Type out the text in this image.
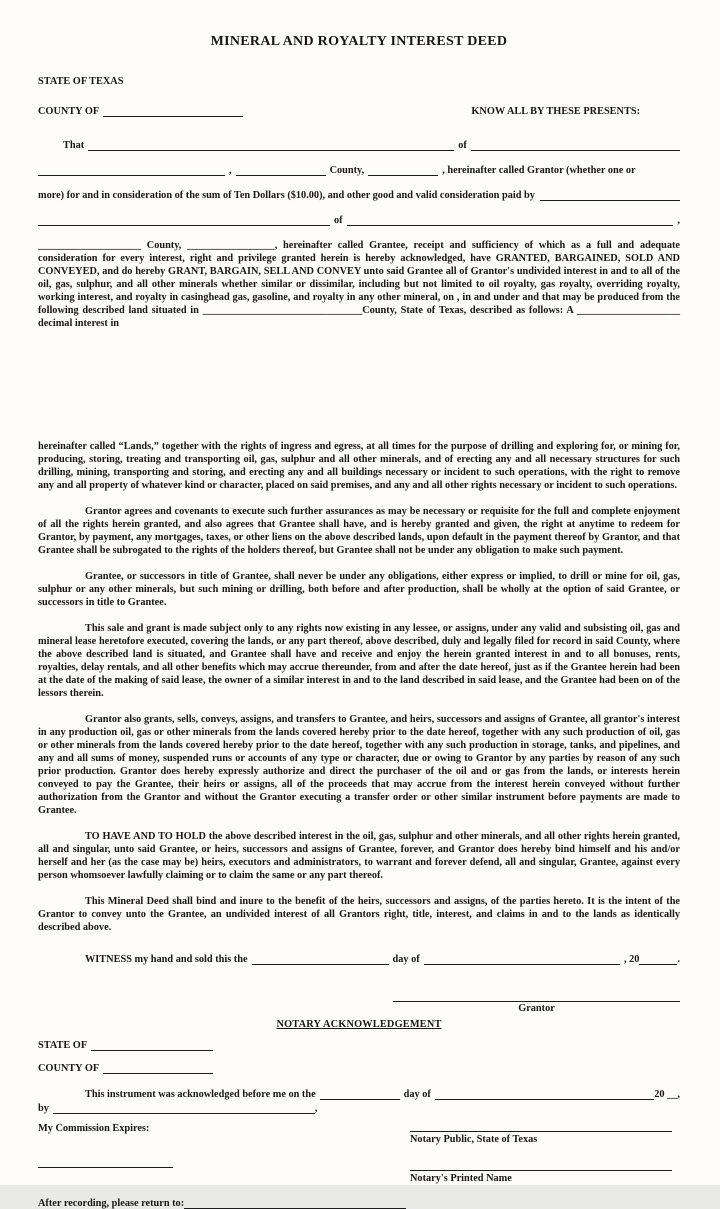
MINERAL AND ROYALTY INTEREST DEED
STATE OF TEXAS
COUNTY OF	KNOW ALL BY THESE PRESENTS:
That	of
,	County,	, hereinafter called Grantor (whether one or
more) for and in consideration of the sum of Ten Dollars ($10.00), and other good and valid consideration paid by
of	,
____________________ County, _________________, hereinafter called Grantee, receipt and sufficiency of which as a full and adequate consideration for every interest, right and privilege granted herein is hereby acknowledged, have GRANTED, BARGAINED, SOLD AND CONVEYED, and do hereby GRANT, BARGAIN, SELL AND CONVEY unto said Grantee all of Grantor's undivided interest in and to all of the oil, gas, sulphur, and all other minerals whether similar or dissimilar, including but not limited to oil royalty, gas royalty, overriding royalty, working interest, and royalty in casinghead gas, gasoline, and royalty in any other mineral, on , in and under and that may be produced from the following described land situated in _______________________________County, State of Texas, described as follows: A ____________________ decimal interest in
hereinafter called “Lands,” together with the rights of ingress and egress, at all times for the purpose of drilling and exploring for, or mining for, producing, storing, treating and transporting oil, gas, sulphur and all other minerals, and of erecting any and all necessary structures for such drilling, mining, transporting and storing, and erecting any and all buildings necessary or incident to such operations, with the right to remove any and all property of whatever kind or character, placed on said premises, and any and all other rights necessary or incident to such operations.
Grantor agrees and covenants to execute such further assurances as may be necessary or requisite for the full and complete enjoyment of all the rights herein granted, and also agrees that Grantee shall have, and is hereby granted and given, the right at anytime to redeem for Grantor, by payment, any mortgages, taxes, or other liens on the above described lands, upon default in the payment thereof by Grantor, and that Grantee shall be subrogated to the rights of the holders thereof, but Grantee shall not be under any obligation to make such payment.
Grantee, or successors in title of Grantee, shall never be under any obligations, either express or implied, to drill or mine for oil, gas, sulphur or any other minerals, but such mining or drilling, both before and after production, shall be wholly at the option of said Grantee, or successors in title to Grantee.
This sale and grant is made subject only to any rights now existing in any lessee, or assigns, under any valid and subsisting oil, gas and mineral lease heretofore executed, covering the lands, or any part thereof, above described, duly and legally filed for record in said County, where the above described land is situated, and Grantee shall have and receive and enjoy the herein granted interest in and to all bonuses, rents, royalties, delay rentals, and all other benefits which may accrue thereunder, from and after the date hereof, just as if the Grantee herein had been at the date of the making of said lease, the owner of a similar interest in and to the land described in said lease, and the Grantee had been on of the lessors therein.
Grantor also grants, sells, conveys, assigns, and transfers to Grantee, and heirs, successors and assigns of Grantee, all grantor's interest in any production oil, gas or other minerals from the lands covered hereby prior to the date hereof, together with any such production of oil, gas or other minerals from the lands covered hereby prior to the date hereof, together with any such production in storage, tanks, and pipelines, and any and all sums of money, suspended runs or accounts of any type or character, due or owing to Grantor by any parties by reason of any such prior production. Grantor does hereby expressly authorize and direct the purchaser of the oil and or gas from the lands, or interests herein conveyed to pay the Grantee, their heirs or assigns, all of the proceeds that may accrue from the interest herein conveyed without further authorization from the Grantor and without the Grantor executing a transfer order or other similar instrument before payments are made to Grantee.
TO HAVE AND TO HOLD the above described interest in the oil, gas, sulphur and other minerals, and all other rights herein granted, all and singular, unto said Grantee, or heirs, successors and assigns of Grantee, forever, and Grantor does hereby bind himself and his and/or herself and her (as the case may be) heirs, executors and administrators, to warrant and forever defend, all and singular, Grantee, against every person whomsoever lawfully claiming or to claim the same or any part thereof.
This Mineral Deed shall bind and inure to the benefit of the heirs, successors and assigns, of the parties hereto. It is the intent of the Grantor to convey unto the Grantee, an undivided interest of all Grantors right, title, interest, and claims in and to the lands as identically described above.
WITNESS my hand and sold this the	day of	, 20	.
Grantor
NOTARY ACKNOWLEDGEMENT
STATE OF
COUNTY OF
This instrument was acknowledged before me on the	day of	20 __,
by	,
My Commission Expires:
Notary Public, State of Texas
Notary's Printed Name
After recording, please return to:
